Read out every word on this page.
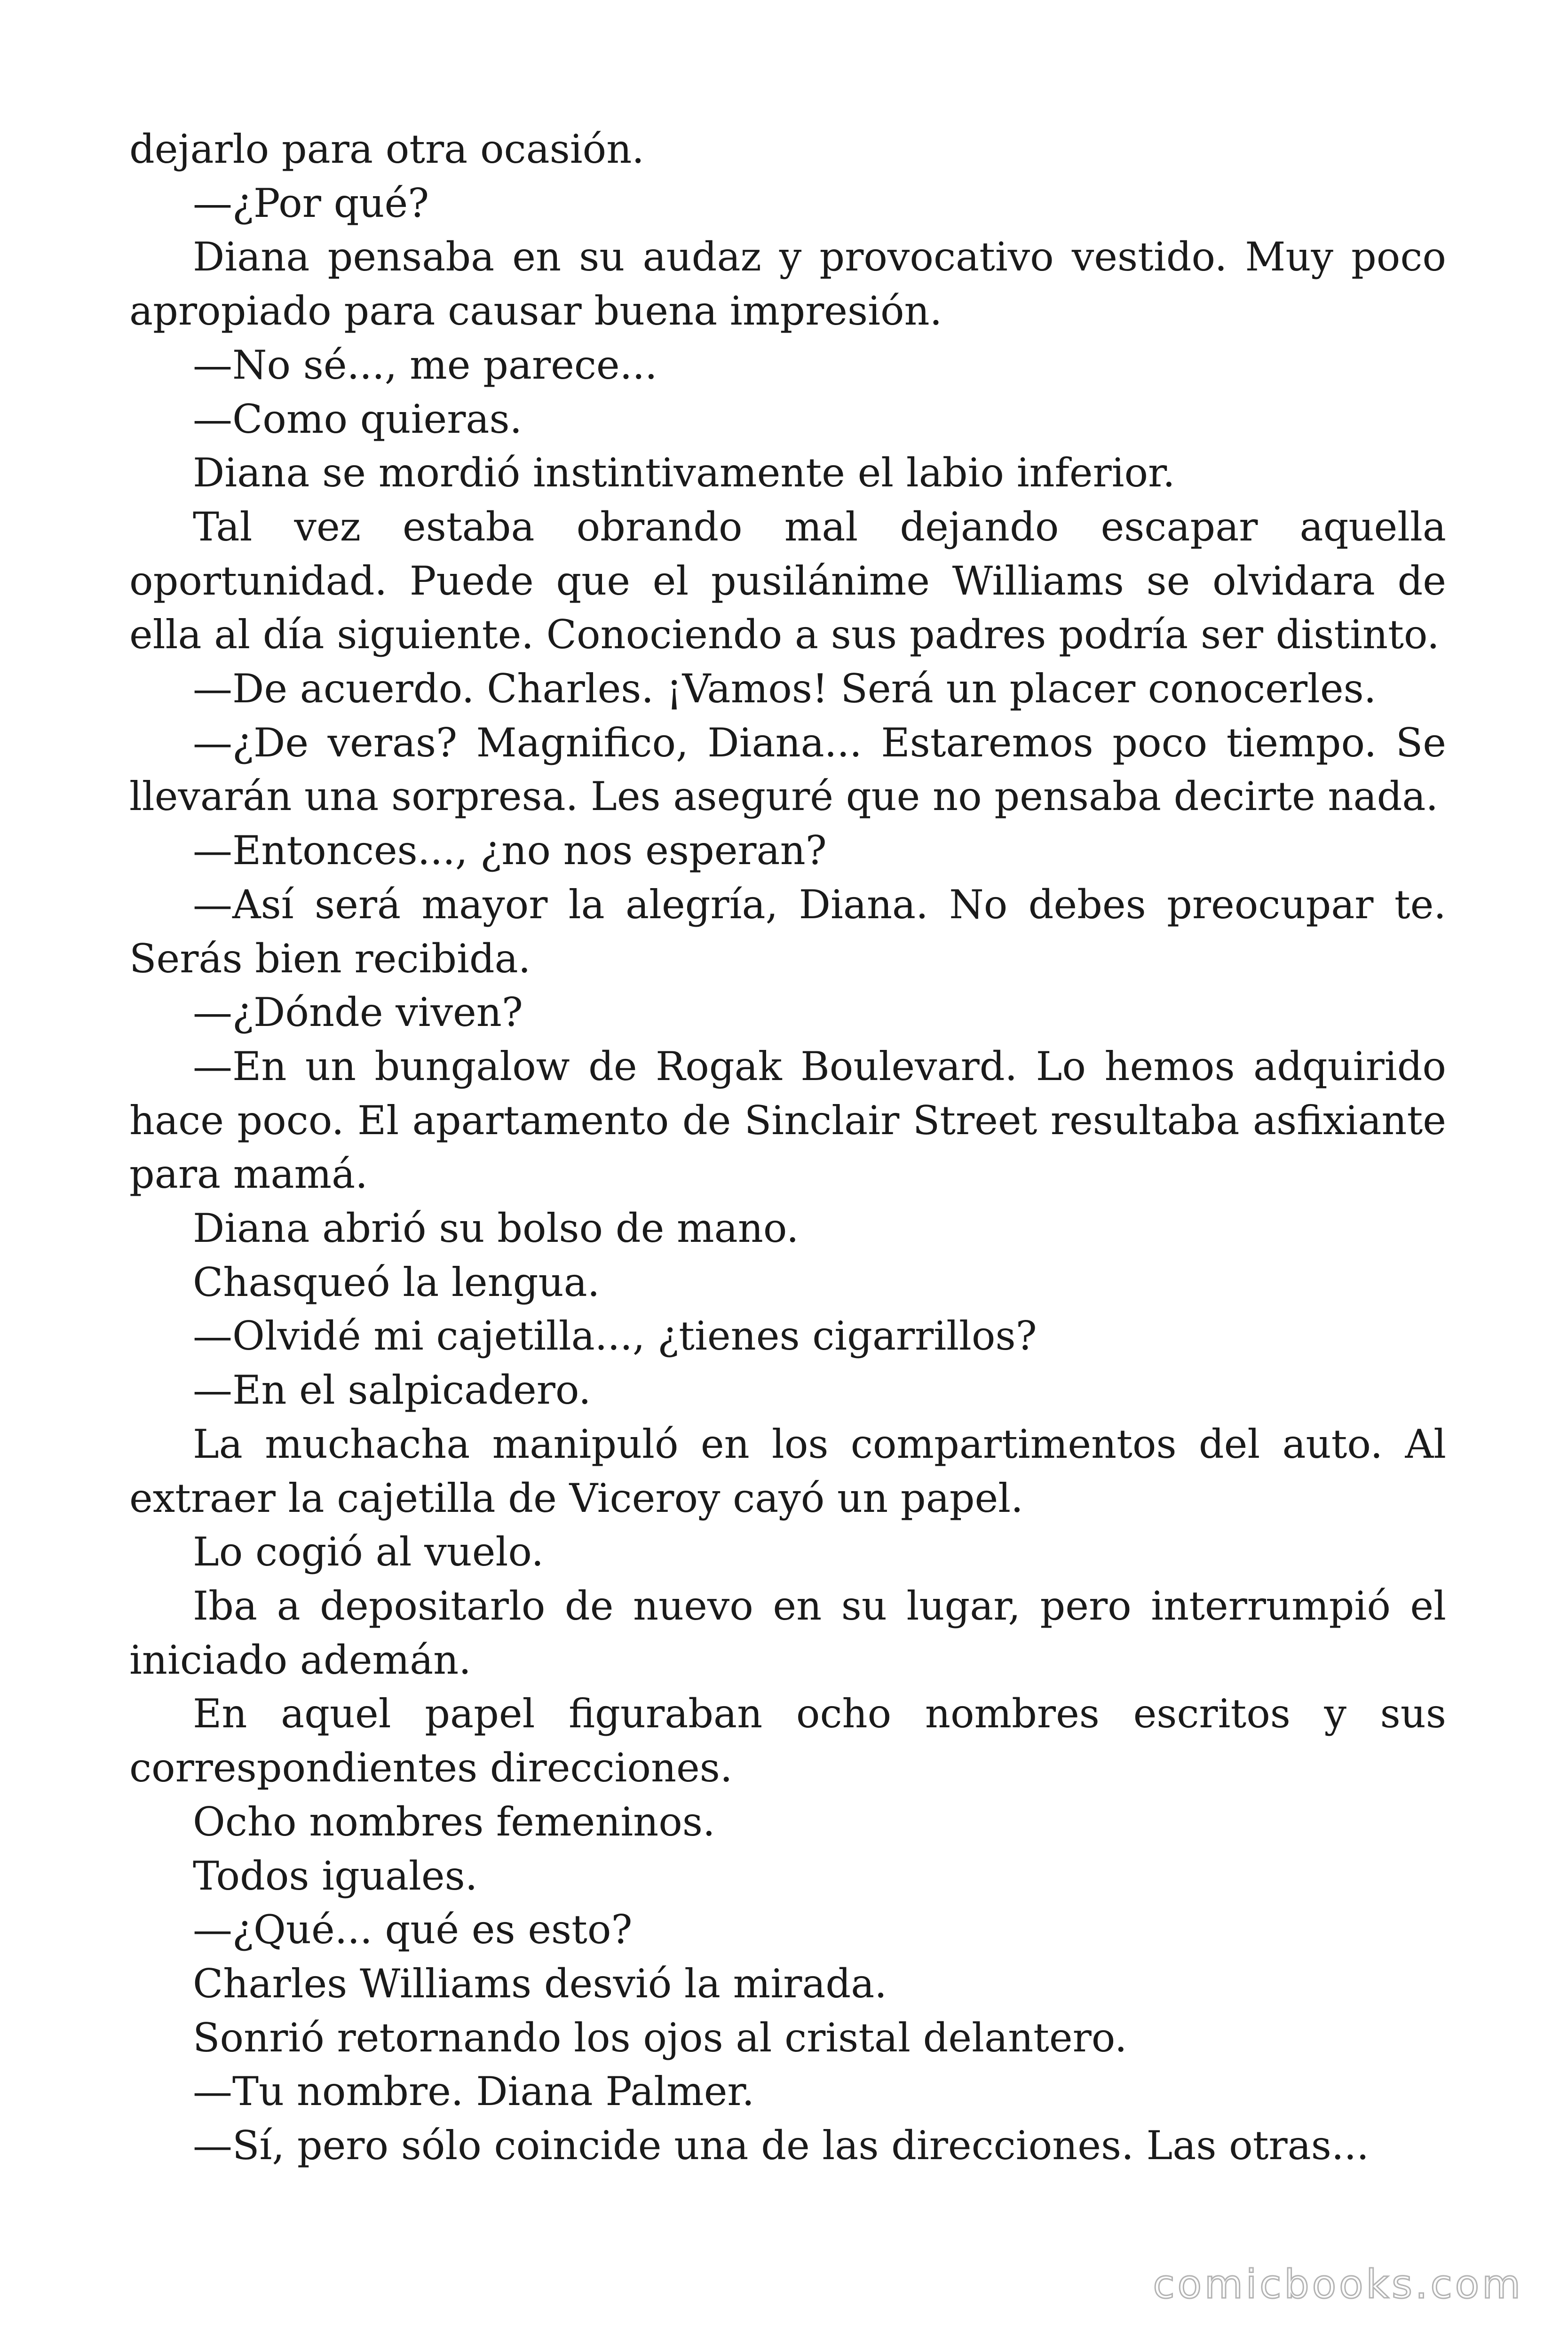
dejarlo para otra ocasión.

—¿Por qué?

Diana pensaba en su audaz y provocativo vestido. Muy poco apropiado para causar buena impresión.

—No sé..., me parece...

—Como quieras.

Diana se mordió instintivamente el labio inferior.

Tal vez estaba obrando mal dejando escapar aquella oportunidad. Puede que el pusilánime Williams se olvidara de ella al día siguiente. Conociendo a sus padres podría ser distinto.

—De acuerdo. Charles. ¡Vamos! Será un placer conocerles.

—¿De veras? Magnifico, Diana... Estaremos poco tiempo. Se llevarán una sorpresa. Les aseguré que no pensaba decirte nada.

—Entonces..., ¿no nos esperan?

—Así será mayor la alegría, Diana. No debes preocupar te. Serás bien recibida.

—¿Dónde viven?

—En un bungalow de Rogak Boulevard. Lo hemos adquirido hace poco. El apartamento de Sinclair Street resultaba asfixiante para mamá.

Diana abrió su bolso de mano.

Chasqueó la lengua.

—Olvidé mi cajetilla..., ¿tienes cigarrillos?

—En el salpicadero.

La muchacha manipuló en los compartimentos del auto. Al extraer la cajetilla de Viceroy cayó un papel.

Lo cogió al vuelo.

Iba a depositarlo de nuevo en su lugar, pero interrumpió el iniciado ademán.

En aquel papel figuraban ocho nombres escritos y sus correspondientes direcciones.

Ocho nombres femeninos.

Todos iguales.

—¿Qué... qué es esto?

Charles Williams desvió la mirada.

Sonrió retornando los ojos al cristal delantero.

—Tu nombre. Diana Palmer.

—Sí, pero sólo coincide una de las direcciones. Las otras...

comicbooks.com
